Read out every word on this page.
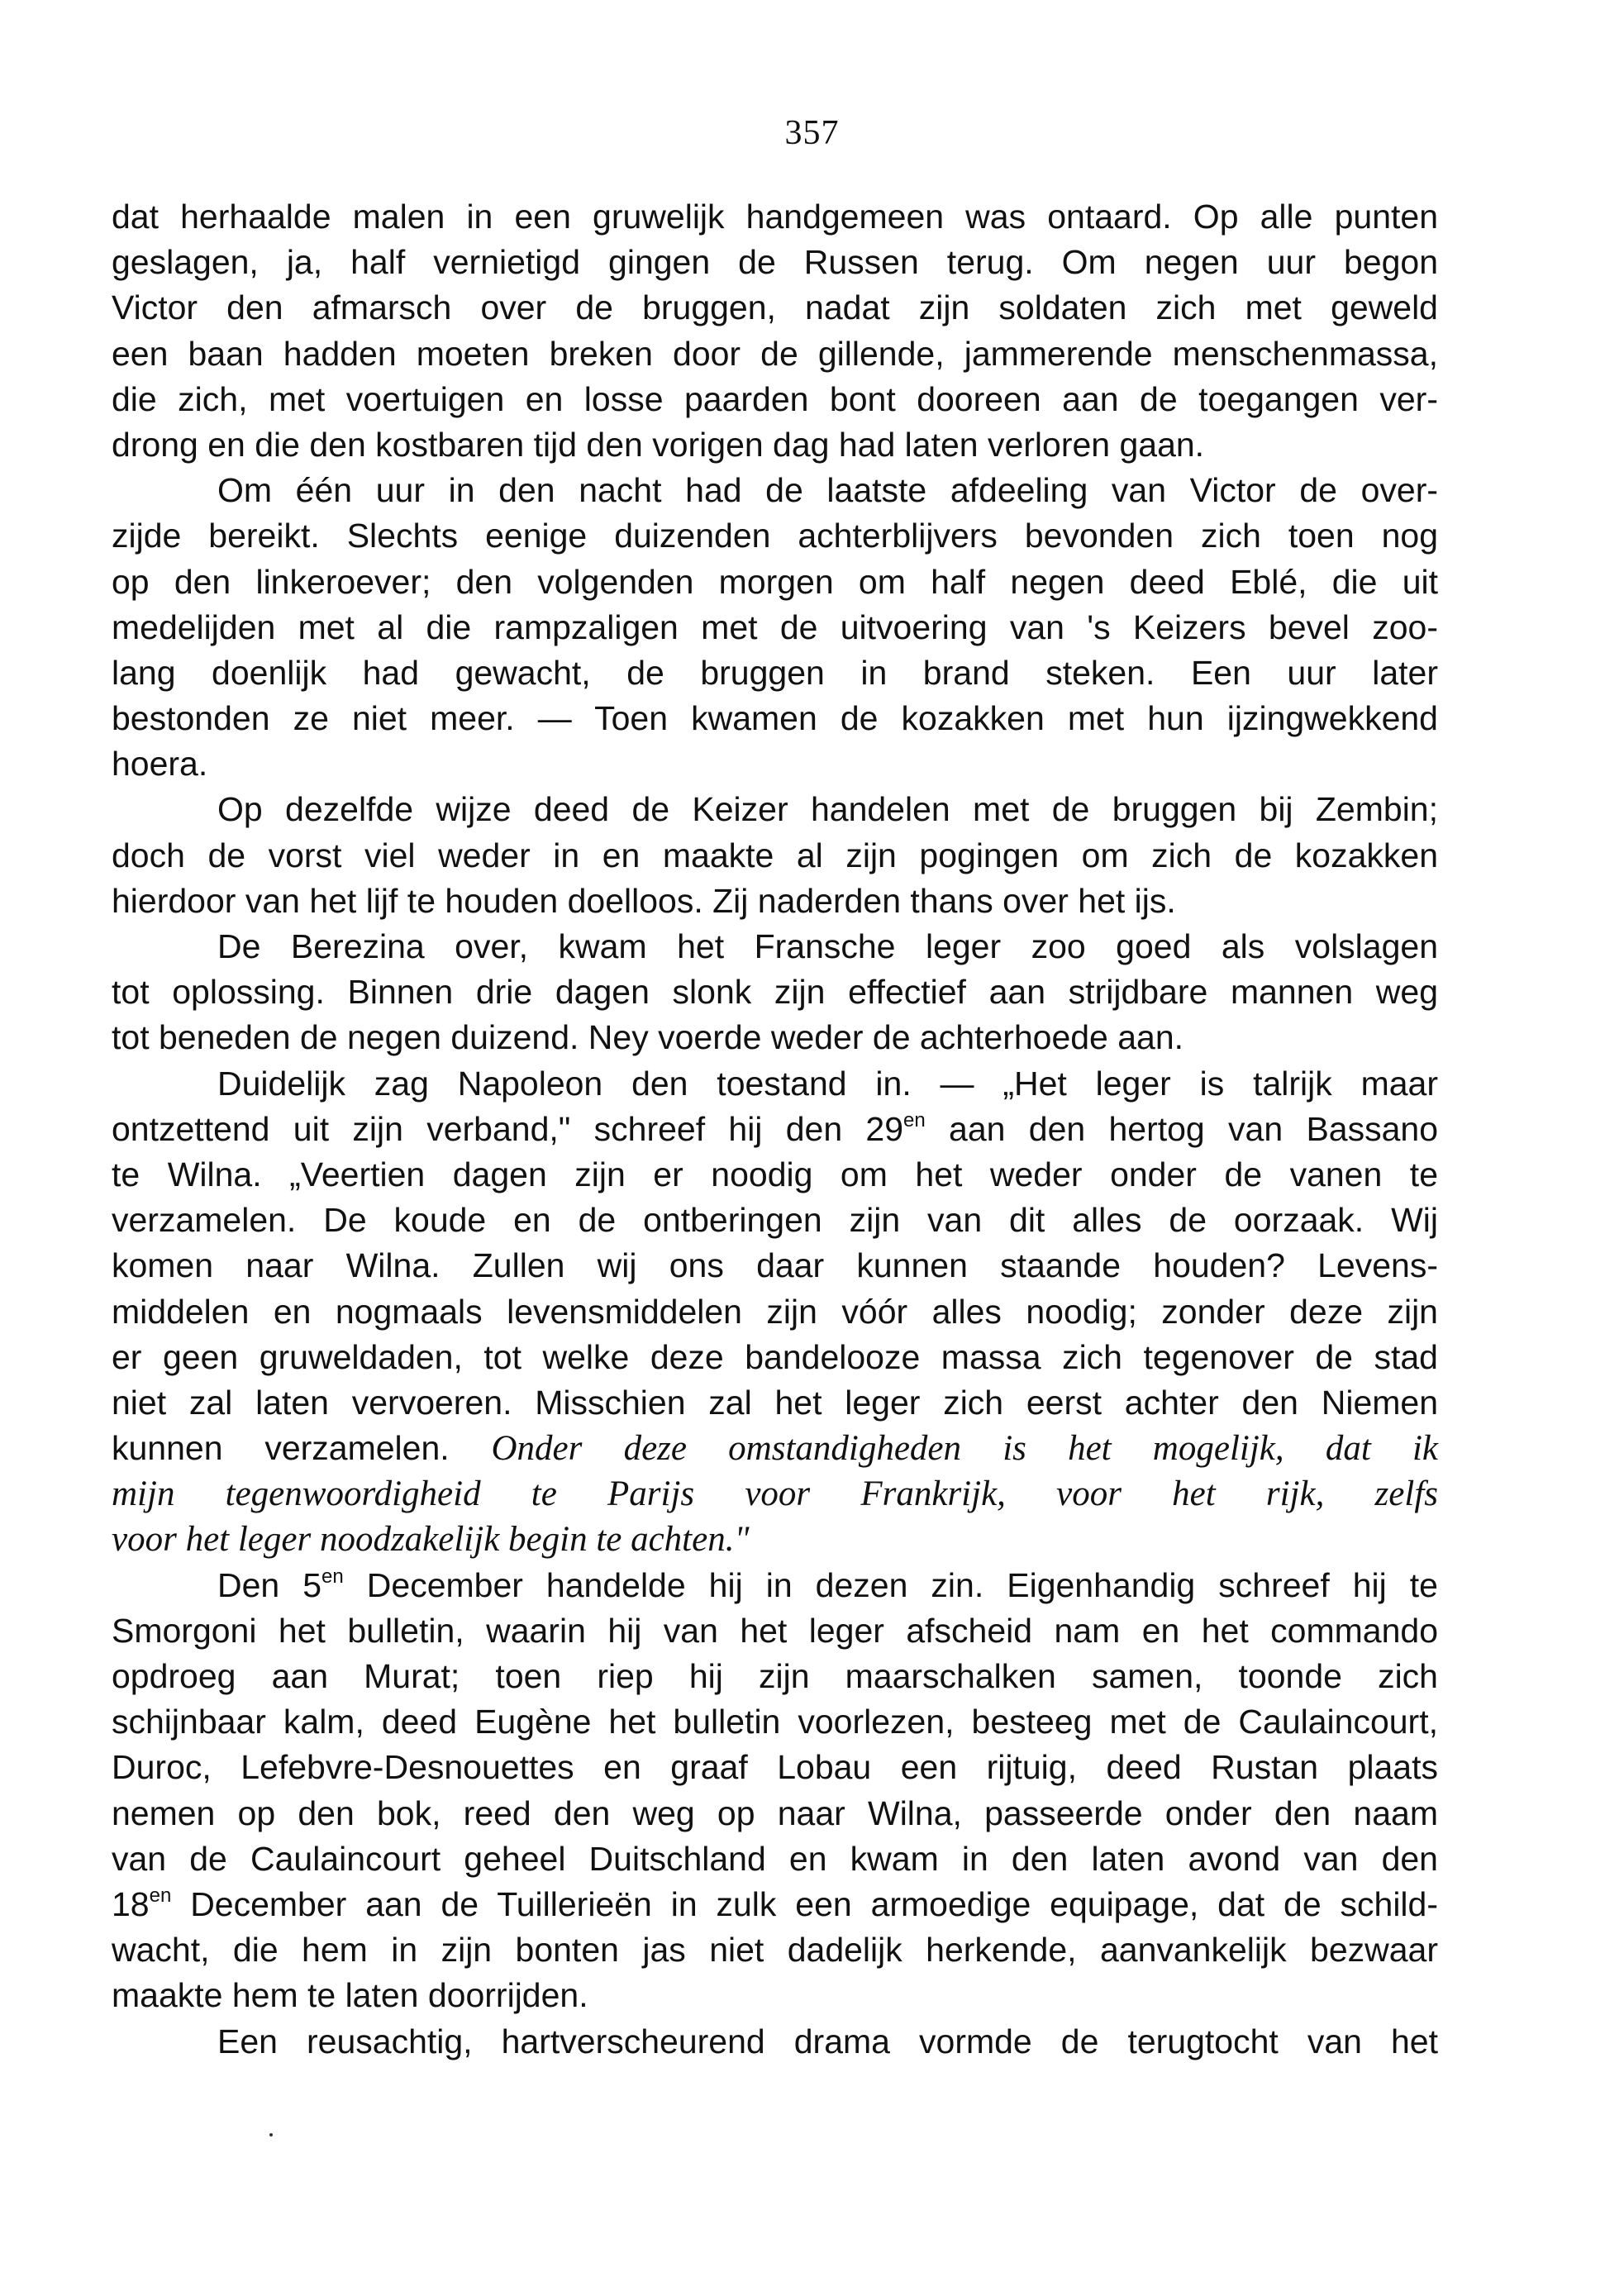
357
dat herhaalde malen in een gruwelijk handgemeen was ontaard. Op alle punten
geslagen, ja, half vernietigd gingen de Russen terug. Om negen uur begon
Victor den afmarsch over de bruggen, nadat zijn soldaten zich met geweld
een baan hadden moeten breken door de gillende, jammerende menschenmassa,
die zich, met voertuigen en losse paarden bont dooreen aan de toegangen ver-
drong en die den kostbaren tijd den vorigen dag had laten verloren gaan.
Om één uur in den nacht had de laatste afdeeling van Victor de over-
zijde bereikt. Slechts eenige duizenden achterblijvers bevonden zich toen nog
op den linkeroever; den volgenden morgen om half negen deed Eblé, die uit
medelijden met al die rampzaligen met de uitvoering van 's Keizers bevel zoo-
lang doenlijk had gewacht, de bruggen in brand steken. Een uur later
bestonden ze niet meer. — Toen kwamen de kozakken met hun ijzingwekkend
hoera.
Op dezelfde wijze deed de Keizer handelen met de bruggen bij Zembin;
doch de vorst viel weder in en maakte al zijn pogingen om zich de kozakken
hierdoor van het lijf te houden doelloos. Zij naderden thans over het ijs.
De Berezina over, kwam het Fransche leger zoo goed als volslagen
tot oplossing. Binnen drie dagen slonk zijn effectief aan strijdbare mannen weg
tot beneden de negen duizend. Ney voerde weder de achterhoede aan.
Duidelijk zag Napoleon den toestand in. — „Het leger is talrijk maar
ontzettend uit zijn verband," schreef hij den $29^{en}$ aan den hertog van Bassano
te Wilna. „Veertien dagen zijn er noodig om het weder onder de vanen te
verzamelen. De koude en de ontberingen zijn van dit alles de oorzaak. Wij
komen naar Wilna. Zullen wij ons daar kunnen staande houden? Levens-
middelen en nogmaals levensmiddelen zijn vóór alles noodig; zonder deze zijn
er geen gruweldaden, tot welke deze bandelooze massa zich tegenover de stad
niet zal laten vervoeren. Misschien zal het leger zich eerst achter den Niemen
kunnen verzamelen. Onder deze omstandigheden is het mogelijk, dat ik
mijn tegenwoordigheid te Parijs voor Frankrijk, voor het rijk, zelfs
voor het leger noodzakelijk begin te achten."
Den $5^{en}$ December handelde hij in dezen zin. Eigenhandig schreef hij te
Smorgoni het bulletin, waarin hij van het leger afscheid nam en het commando
opdroeg aan Murat; toen riep hij zijn maarschalken samen, toonde zich
schijnbaar kalm, deed Eugène het bulletin voorlezen, besteeg met de Caulaincourt,
Duroc, Lefebvre-Desnouettes en graaf Lobau een rijtuig, deed Rustan plaats
nemen op den bok, reed den weg op naar Wilna, passeerde onder den naam
van de Caulaincourt geheel Duitschland en kwam in den laten avond van den
$18^{en}$ December aan de Tuillerieën in zulk een armoedige equipage, dat de schild-
wacht, die hem in zijn bonten jas niet dadelijk herkende, aanvankelijk bezwaar
maakte hem te laten doorrijden.
Een reusachtig, hartverscheurend drama vormde de terugtocht van het
